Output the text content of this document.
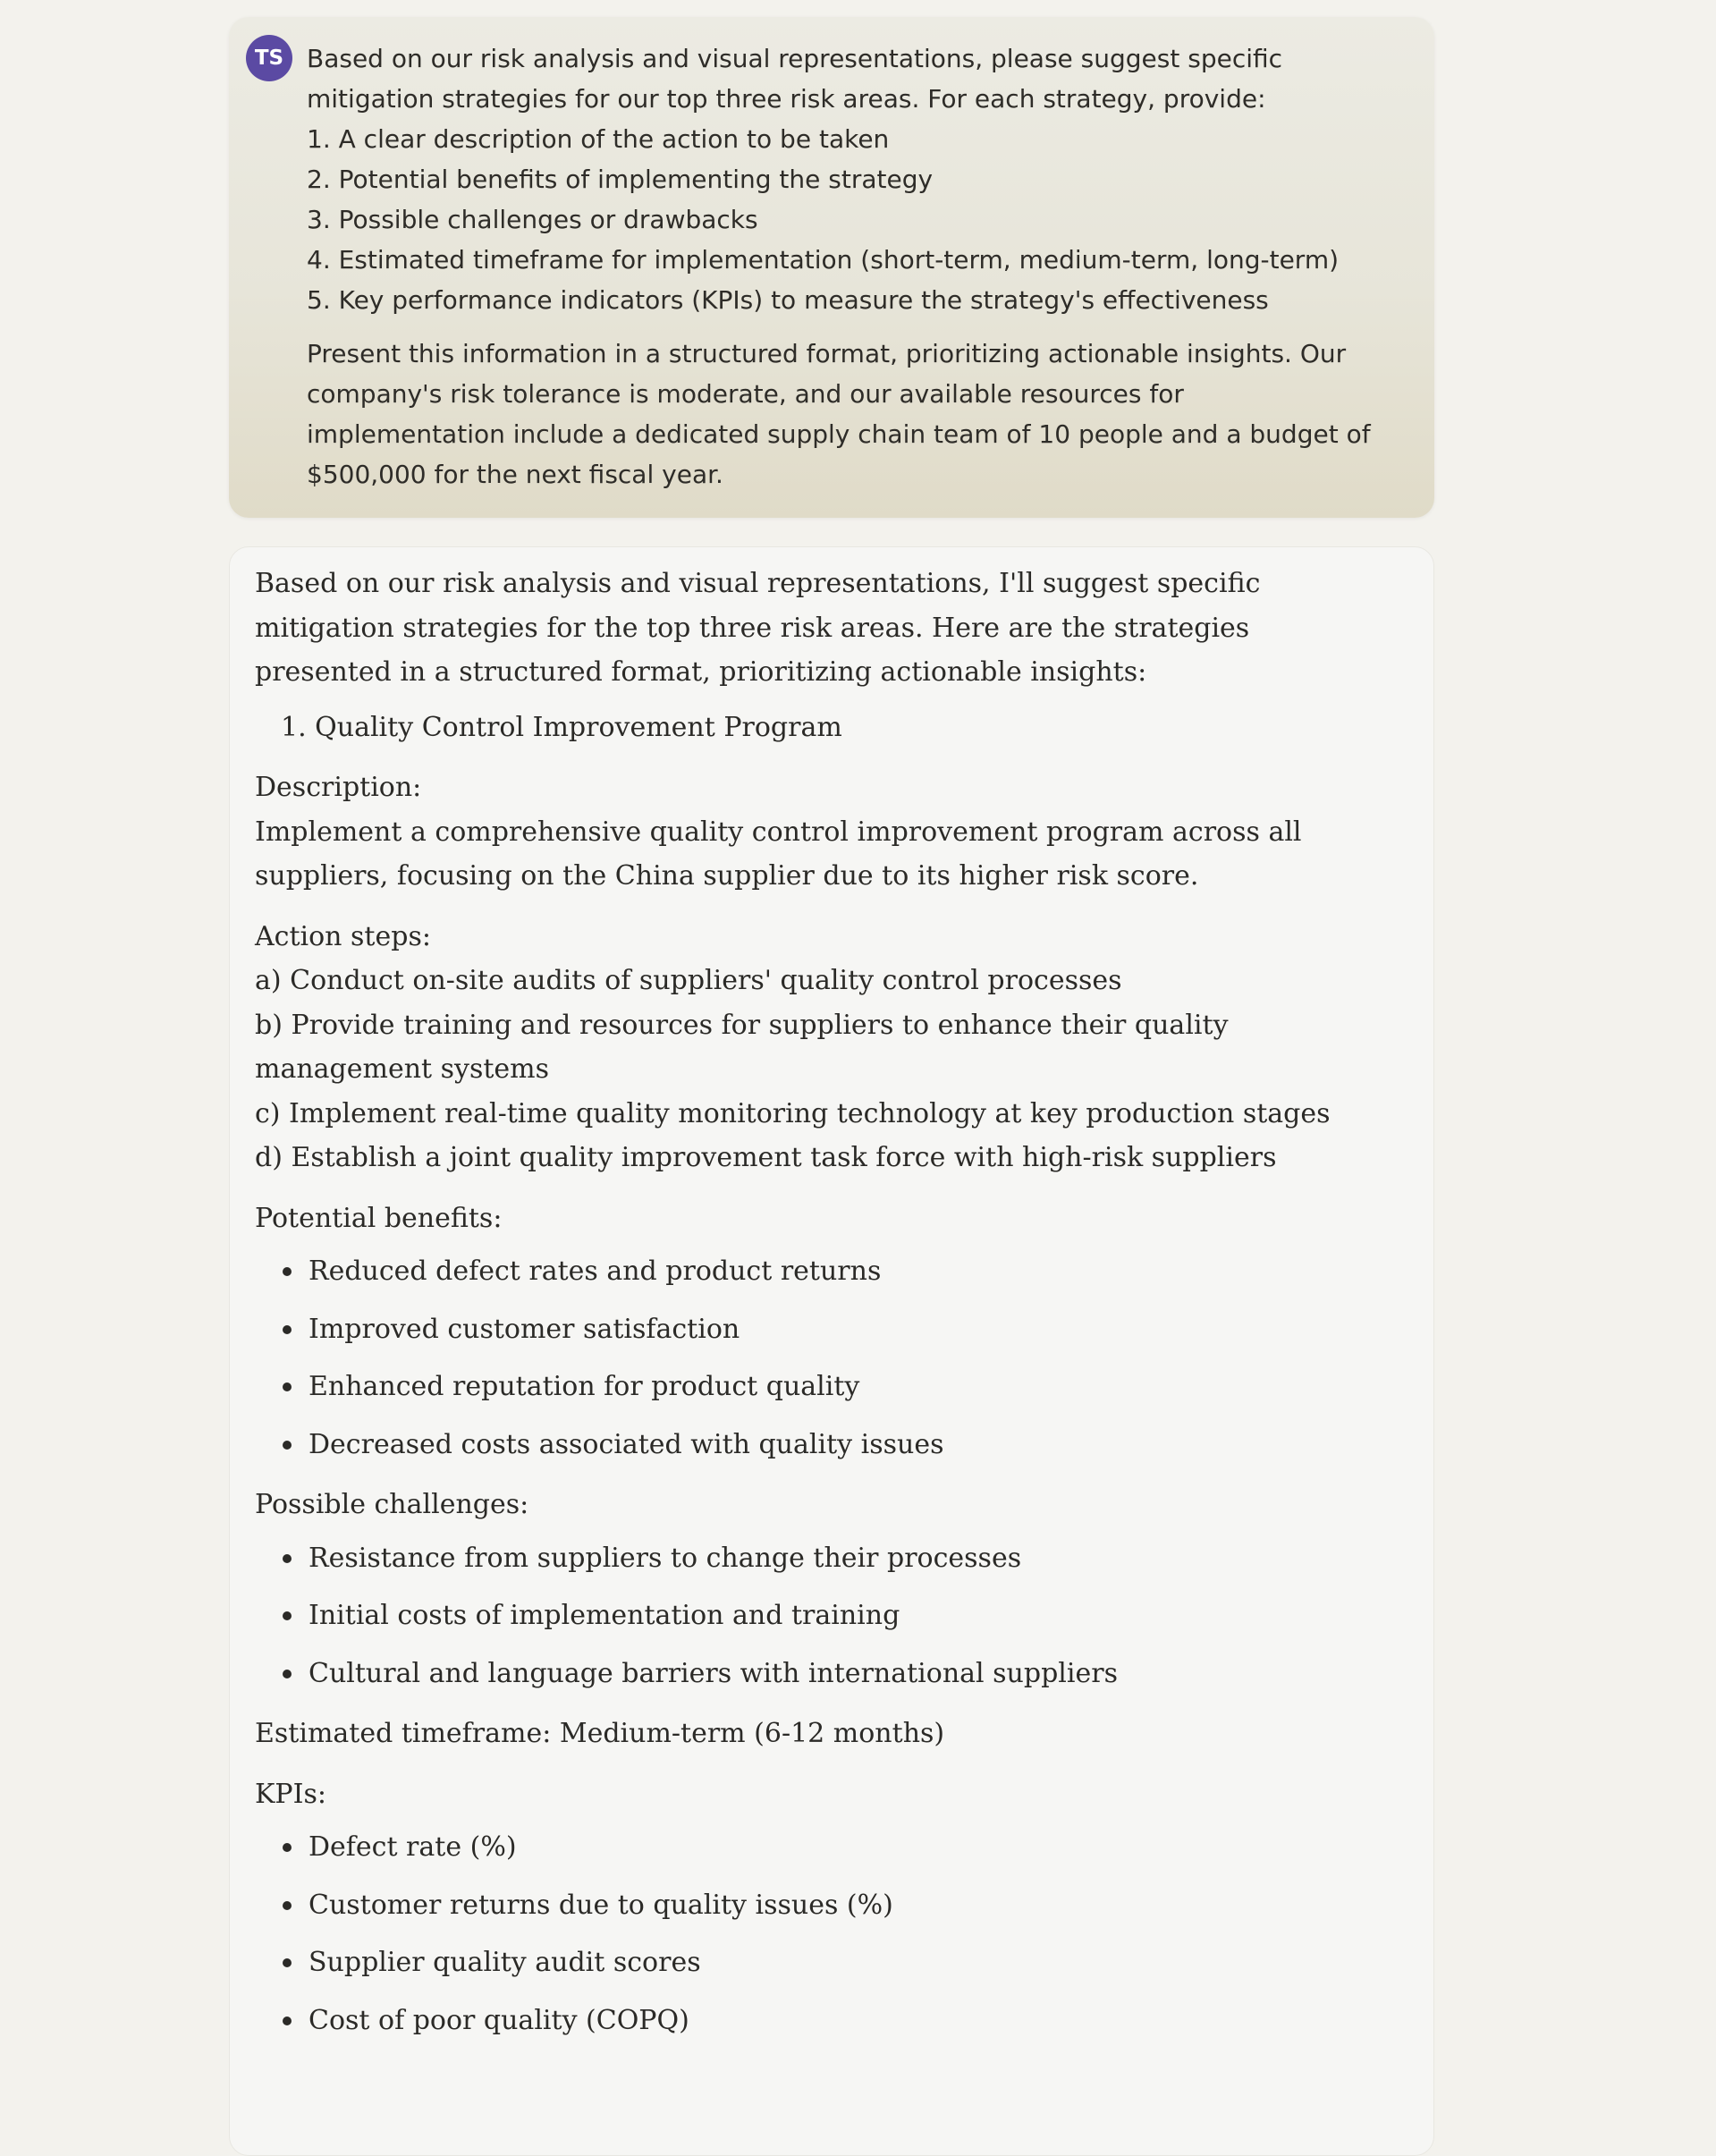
TS Based on our risk analysis and visual representations, please suggest specific mitigation strategies for our top three risk areas. For each strategy, provide:

1. A clear description of the action to be taken
2. Potential benefits of implementing the strategy
3. Possible challenges or drawbacks
4. Estimated timeframe for implementation (short-term, medium-term, long-term)
5. Key performance indicators (KPIs) to measure the strategy's effectiveness

Present this information in a structured format, prioritizing actionable insights. Our company's risk tolerance is moderate, and our available resources for implementation include a dedicated supply chain team of 10 people and a budget of $500,000 for the next fiscal year.

Based on our risk analysis and visual representations, I'll suggest specific mitigation strategies for the top three risk areas. Here are the strategies presented in a structured format, prioritizing actionable insights:

1. Quality Control Improvement Program

Description:

Implement a comprehensive quality control improvement program across all suppliers, focusing on the China supplier due to its higher risk score.

Action steps:

a) Conduct on-site audits of suppliers' quality control processes

b) Provide training and resources for suppliers to enhance their quality management systems

c) Implement real-time quality monitoring technology at key production stages

d) Establish a joint quality improvement task force with high-risk suppliers

Potential benefits:

Reduced defect rates and product returns
Improved customer satisfaction
Enhanced reputation for product quality
Decreased costs associated with quality issues

Possible challenges:

Resistance from suppliers to change their processes
Initial costs of implementation and training
Cultural and language barriers with international suppliers

Estimated timeframe: Medium-term (6-12 months)

KPIs:

Defect rate (%)
Customer returns due to quality issues (%)
Supplier quality audit scores
Cost of poor quality (COPQ)
